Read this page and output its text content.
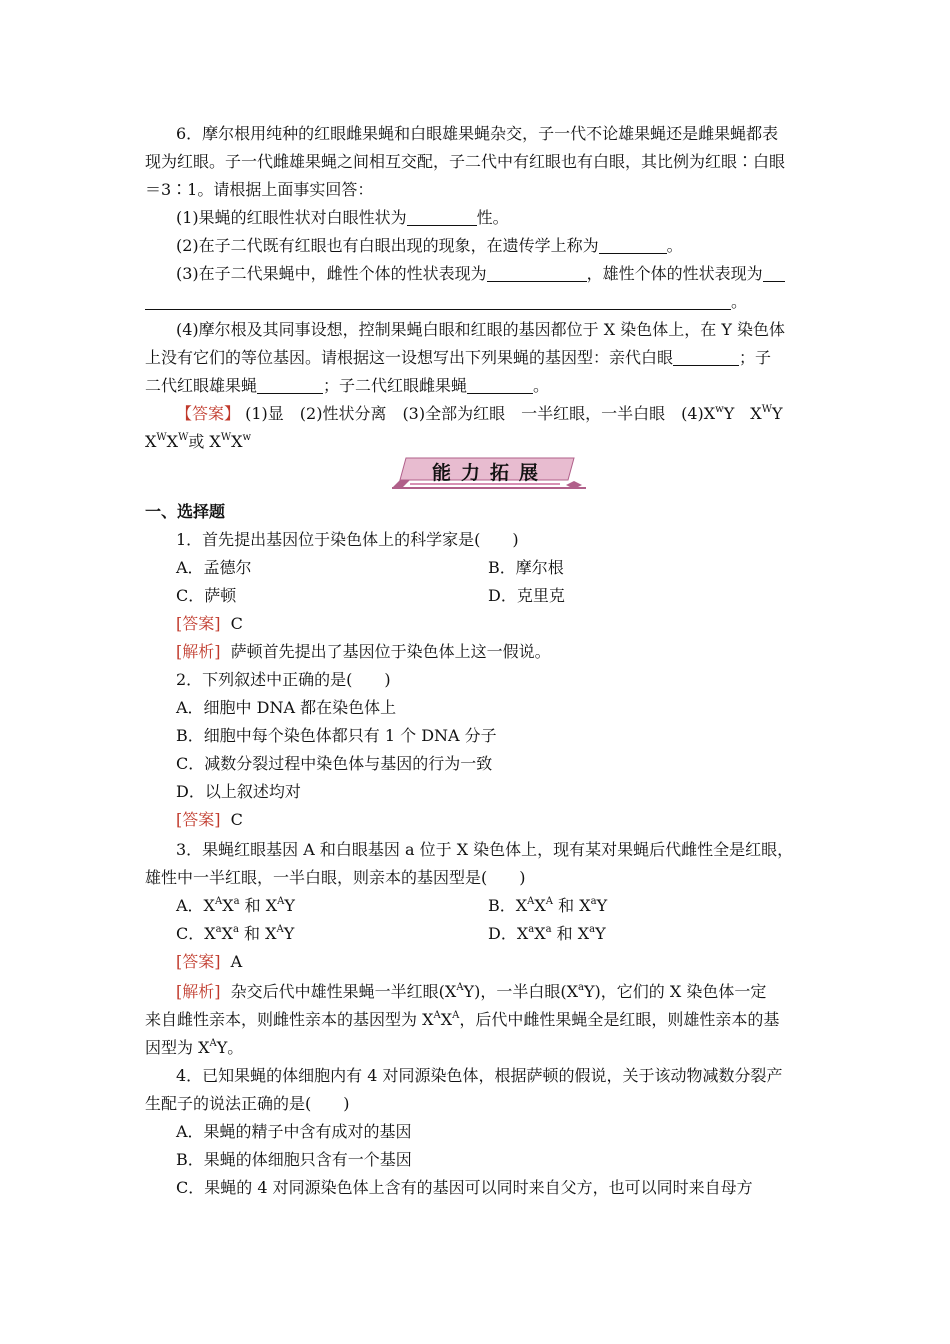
6．摩尔根用纯种的红眼雌果蝇和白眼雄果蝇杂交，子一代不论雄果蝇还是雌果蝇都表
现为红眼。子一代雌雄果蝇之间相互交配，子二代中有红眼也有白眼，其比例为红眼∶白眼
＝3∶1。请根据上面事实回答：
(1)果蝇的红眼性状对白眼性状为	性。
(2)在子二代既有红眼也有白眼出现的现象，在遗传学上称为	。
(3)在子二代果蝇中，雌性个体的性状表现为	，雄性个体的性状表现为
。
(4)摩尔根及其同事设想，控制果蝇白眼和红眼的基因都位于 X 染色体上，在 Y 染色体
上没有它们的等位基因。请根据这一设想写出下列果蝇的基因型：亲代白眼	；子
二代红眼雄果蝇	；子二代红眼雌果蝇	。
【答案】 (1)显　(2)性状分离　(3)全部为红眼　一半红眼，一半白眼　$(4)X^wY$　$X^WY$
$X^WX^W$或 $X^WX^w$
能力拓展
一、选择题
1．首先提出基因位于染色体上的科学家是(　　)
A．孟德尔	B．摩尔根
C．萨顿	D．克里克
[答案] C
[解析] 萨顿首先提出了基因位于染色体上这一假说。
2．下列叙述中正确的是(　　)
A．细胞中 DNA 都在染色体上
B．细胞中每个染色体都只有 1 个 DNA 分子
C．减数分裂过程中染色体与基因的行为一致
D．以上叙述均对
[答案] C
3．果蝇红眼基因 A 和白眼基因 a 位于 X 染色体上，现有某对果蝇后代雌性全是红眼，
雄性中一半红眼，一半白眼，则亲本的基因型是(　　)
A．$X^AX^a$ 和 $X^AY$	B．$X^AX^A$ 和 $X^aY$
C．$X^aX^a$ 和 $X^AY$	D．$X^aX^a$ 和 $X^aY$
[答案] A
[解析] 杂交后代中雄性果蝇一半红眼$(X^AY)$，一半白眼$(X^aY)$，它们的 X 染色体一定
来自雌性亲本，则雌性亲本的基因型为 $X^AX^A$，后代中雌性果蝇全是红眼，则雄性亲本的基
因型为 $X^AY$。
4．已知果蝇的体细胞内有 4 对同源染色体，根据萨顿的假说，关于该动物减数分裂产
生配子的说法正确的是(　　)
A．果蝇的精子中含有成对的基因
B．果蝇的体细胞只含有一个基因
C．果蝇的 4 对同源染色体上含有的基因可以同时来自父方，也可以同时来自母方
